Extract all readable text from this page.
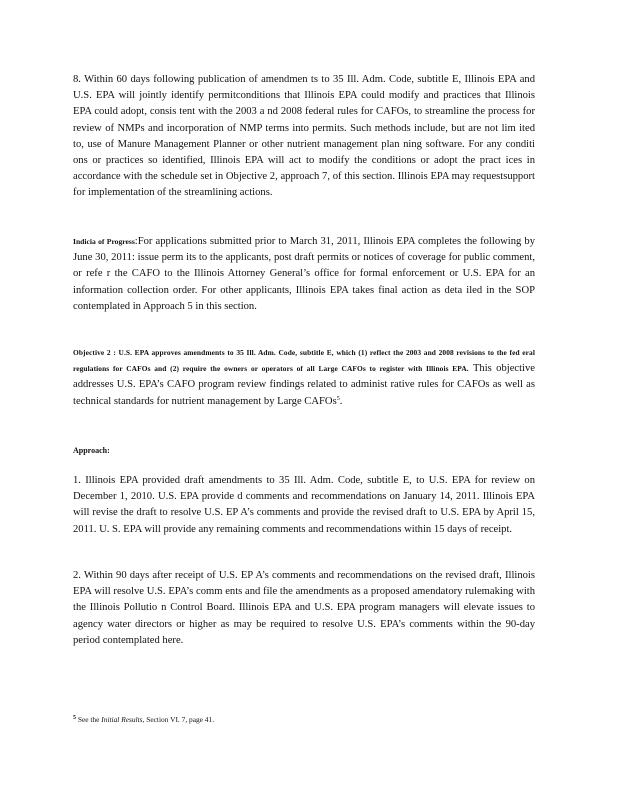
8. Within 60 days following publication of amendmen ts to 35 Ill. Adm. Code, subtitle E, Illinois EPA and U.S. EPA will jointly identify permitconditions that Illinois EPA could modify and practices that Illinois EPA could adopt, consis tent with the 2003 a nd 2008 federal rules for CAFOs, to streamline the process for review of NMPs and incorporation of NMP terms into permits. Such methods include, but are not lim ited to, use of Manure Management Planner or other nutrient management plan ning software. For any conditi ons or practices so identified, Illinois EPA will act to modify the conditions or adopt the pract ices in accordance with the schedule set in Objective 2, approach 7, of this section. Illinois EPA may requestsupport for implementation of the streamlining actions.

Indicia of Progress:For applications submitted prior to March 31, 2011, Illinois EPA completes the following by June 30, 2011: issue perm its to the applicants, post draft permits or notices of coverage for public comment, or refe r the CAFO to the Illinois Attorney General’s office for formal enforcement or U.S. EPA for an information collection order. For other applicants, Illinois EPA takes final action as deta iled in the SOP contemplated in Approach 5 in this section.

Objective 2 : U.S. EPA approves amendments to 35 Ill. Adm. Code, subtitle E, which (1) reflect the 2003 and 2008 revisions to the fed eral regulations for CAFOs and (2) require the owners or operators of all Large CAFOs to register with Illinois EPA. This objective addresses U.S. EPA’s CAFO program review findings related to administ rative rules for CAFOs as well as technical standards for nutrient management by Large CAFOs$^5$.

Approach:

1. Illinois EPA provided draft amendments to 35 Ill. Adm. Code, subtitle E, to U.S. EPA for review on December 1, 2010. U.S. EPA provide d comments and recommendations on January 14, 2011. Illinois EPA will revise the draft to resolve U.S. EP A’s comments and provide the revised draft to U.S. EPA by April 15, 2011. U. S. EPA will provide any remaining comments and recommendations within 15 days of receipt.

2. Within 90 days after receipt of U.S. EP A’s comments and recommendations on the revised draft, Illinois EPA will resolve U.S. EPA’s comm ents and file the amendments as a proposed amendatory rulemaking with the Illinois Pollutio n Control Board. Illinois EPA and U.S. EPA program managers will elevate issues to agency water directors or higher as may be required to resolve U.S. EPA’s comments within the 90-day period contemplated here.

$^5$ See the Initial Results, Section VI. 7, page 41.
